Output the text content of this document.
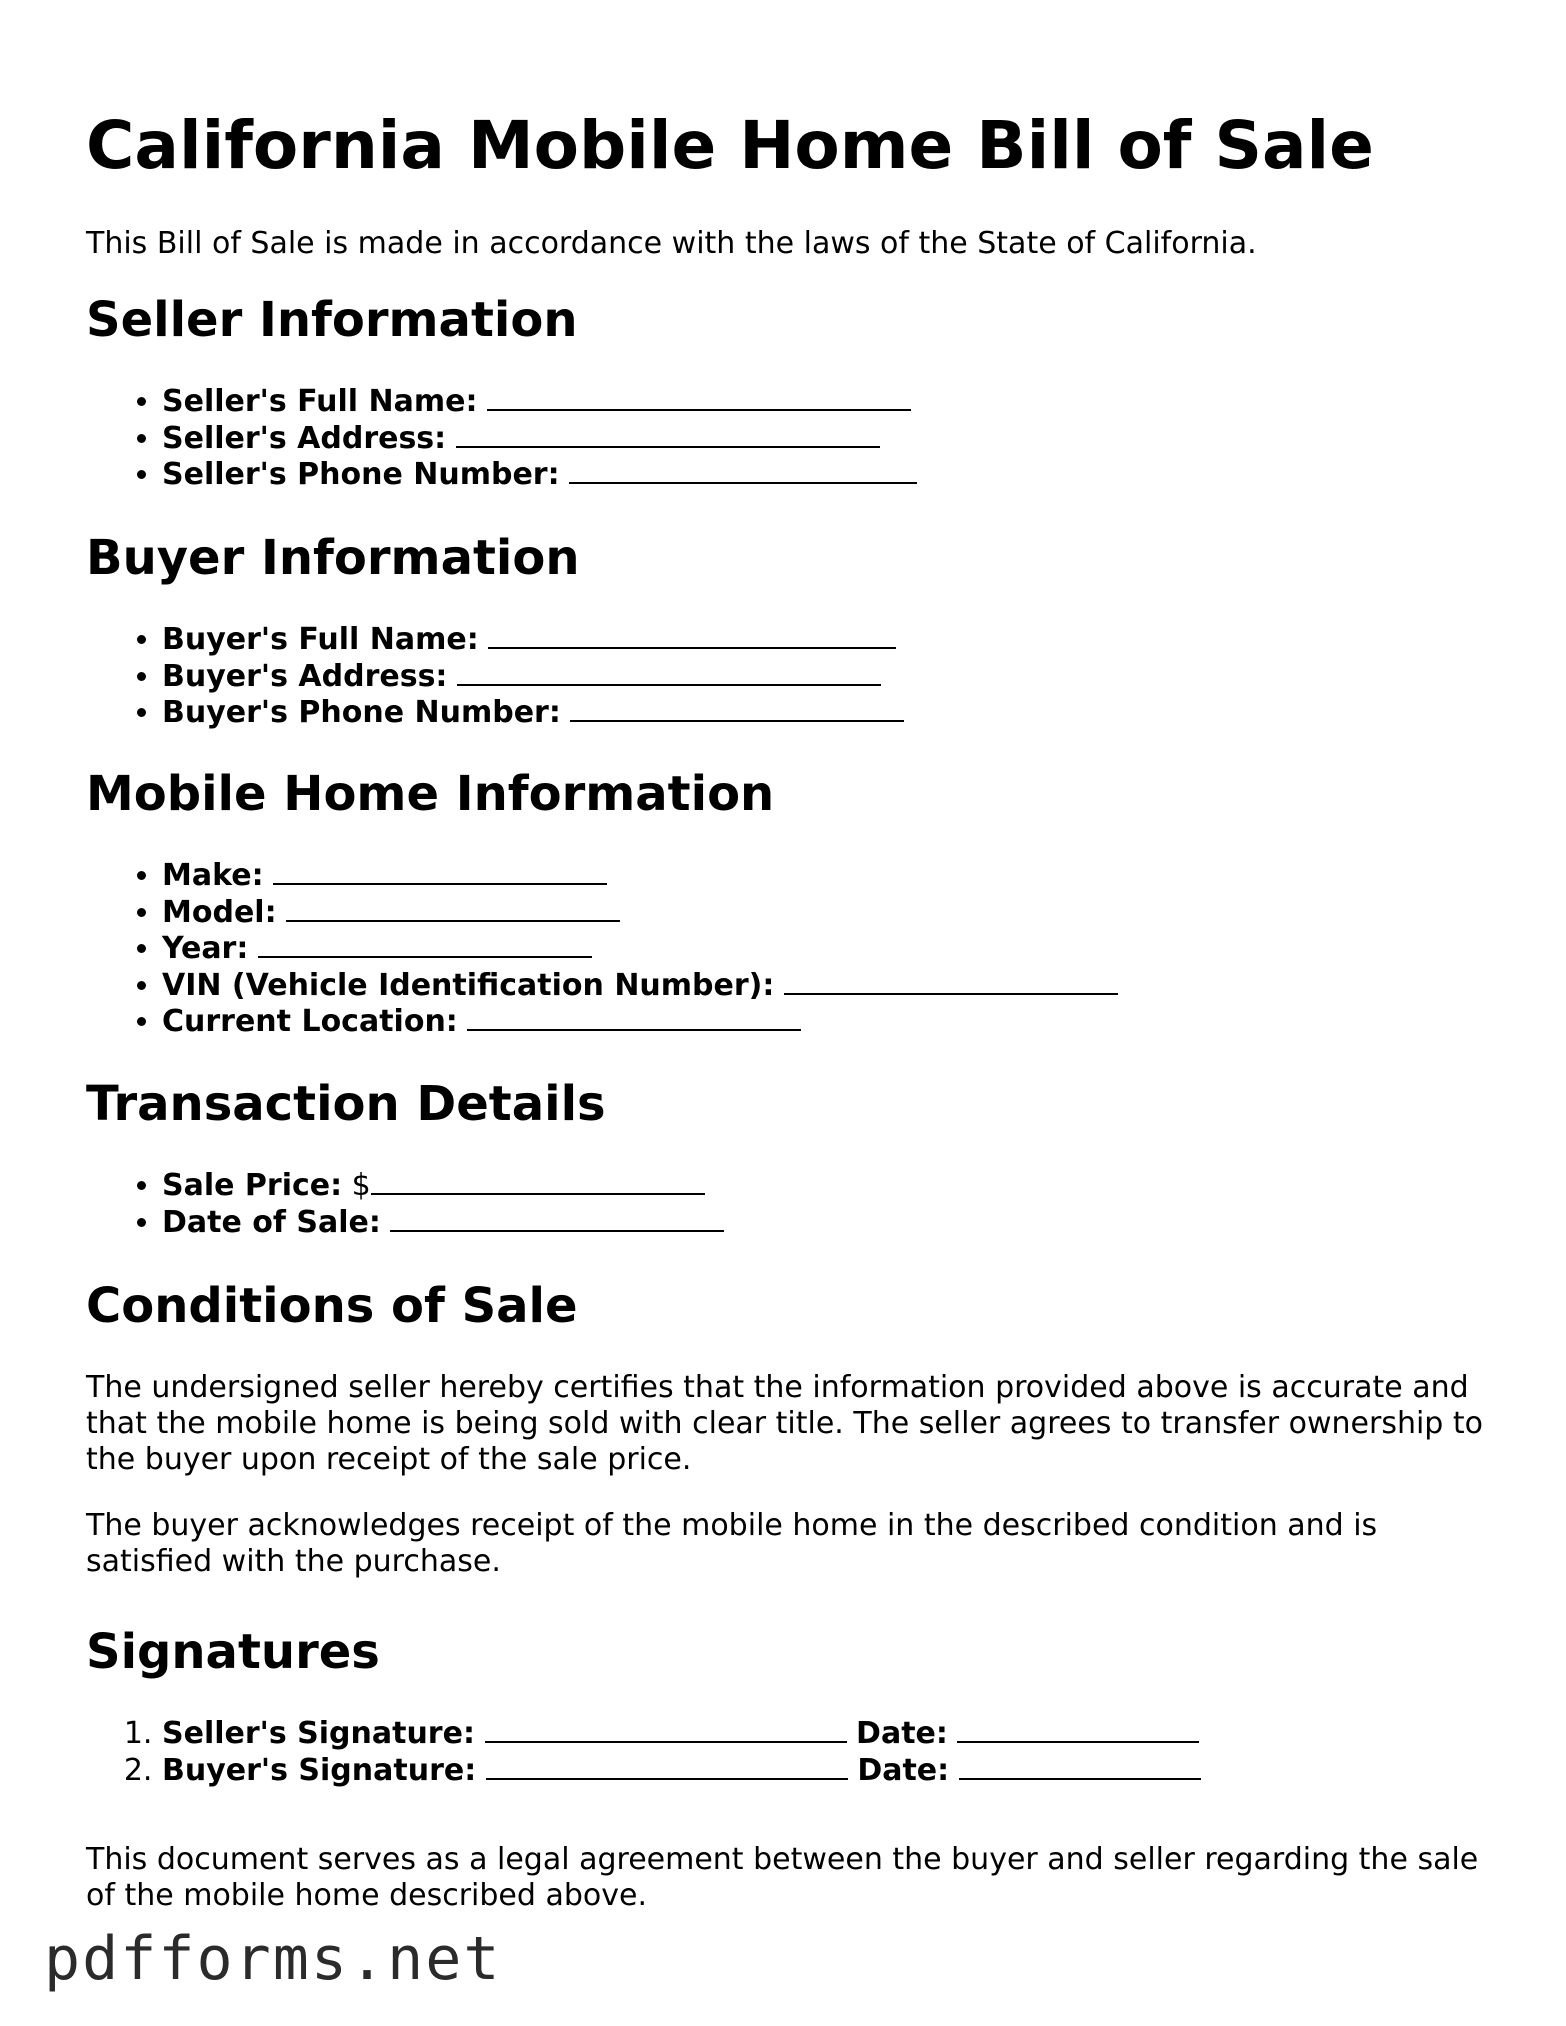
California Mobile Home Bill of Sale

This Bill of Sale is made in accordance with the laws of the State of California.

Seller Information
• Seller's Full Name:
• Seller's Address:
• Seller's Phone Number:
Buyer Information
• Buyer's Full Name:
• Buyer's Address:
• Buyer's Phone Number:
Mobile Home Information
• Make:
• Model:
• Year:
• VIN (Vehicle Identification Number):
• Current Location:
Transaction Details
• Sale Price: $
• Date of Sale:
Conditions of Sale

The undersigned seller hereby certifies that the information provided above is accurate and that the mobile home is being sold with clear title. The seller agrees to transfer ownership to the buyer upon receipt of the sale price.

The buyer acknowledges receipt of the mobile home in the described condition and is satisfied with the purchase.

Signatures
1. Seller's Signature:	Date:
2. Buyer's Signature:	Date:

This document serves as a legal agreement between the buyer and seller regarding the sale of the mobile home described above.

pdfforms.net
